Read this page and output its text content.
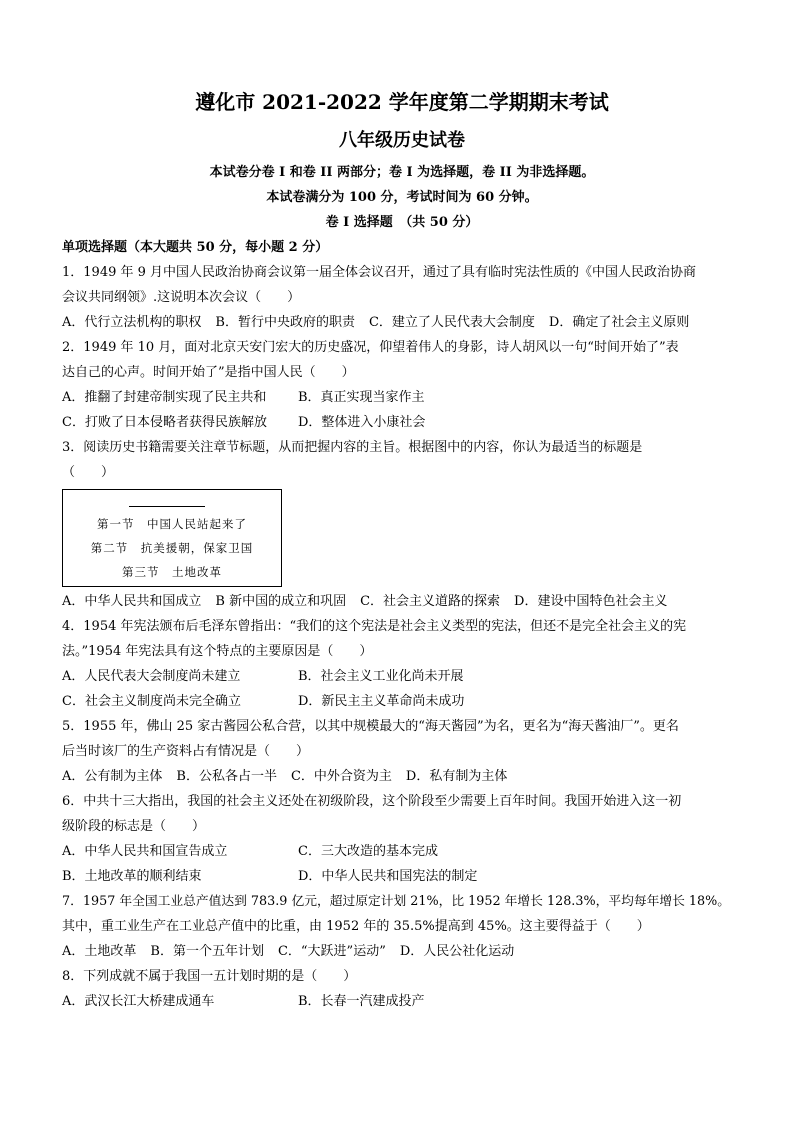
遵化市 2021-2022 学年度第二学期期末考试
八年级历史试卷
本试卷分卷 I 和卷 II 两部分；卷 I 为选择题，卷 II 为非选择题。
本试卷满分为 100 分，考试时间为 60 分钟。
卷 I 选择题　（共 50 分）
单项选择题（本大题共 50 分，每小题 2 分）
1．1949 年 9 月中国人民政治协商会议第一届全体会议召开，通过了具有临时宪法性质的《中国人民政治协商
会议共同纲领》.这说明本次会议（　　）
A．代行立法机构的职权 B．暂行中央政府的职责 C．建立了人民代表大会制度 D．确定了社会主义原则
2．1949 年 10 月，面对北京天安门宏大的历史盛况，仰望着伟人的身影，诗人胡风以一句“时间开始了”表
达自己的心声。时间开始了”是指中国人民（　　）
A．推翻了封建帝制实现了民主共和	B．真正实现当家作主
C．打败了日本侵略者获得民族解放	D．整体进入小康社会
3．阅读历史书籍需要关注章节标题，从而把握内容的主旨。根据图中的内容，你认为最适当的标题是
（　　）
第一节　中国人民站起来了
第二节　抗美援朝，保家卫国
第三节　土地改革
A．中华人民共和国成立 B 新中国的成立和巩固 C．社会主义道路的探索 D．建设中国特色社会主义
4．1954 年宪法颁布后毛泽东曾指出：“我们的这个宪法是社会主义类型的宪法，但还不是完全社会主义的宪
法。”1954 年宪法具有这个特点的主要原因是（　　）
A．人民代表大会制度尚未建立	B．社会主义工业化尚未开展
C．社会主义制度尚未完全确立	D．新民主主义革命尚未成功
5．1955 年，佛山 25 家古酱园公私合营，以其中规模最大的“海天酱园”为名，更名为“海天酱油厂”。更名
后当时该厂的生产资料占有情况是（　　）
A．公有制为主体 B．公私各占一半 C．中外合资为主 D．私有制为主体
6．中共十三大指出，我国的社会主义还处在初级阶段，这个阶段至少需要上百年时间。我国开始进入这一初
级阶段的标志是（　　）
A．中华人民共和国宣告成立	C．三大改造的基本完成
B．土地改革的顺利结束	D．中华人民共和国宪法的制定
7．1957 年全国工业总产值达到 783.9 亿元，超过原定计划 21%，比 1952 年增长 128.3%，平均每年增长 18%。
其中，重工业生产在工业总产值中的比重，由 1952 年的 35.5%提高到 45%。这主要得益于（　　）
A．土地改革 B．第一个五年计划 C．“大跃进”运动” D．人民公社化运动
8．下列成就不属于我国一五计划时期的是（　　）
A．武汉长江大桥建成通车	B．长春一汽建成投产
